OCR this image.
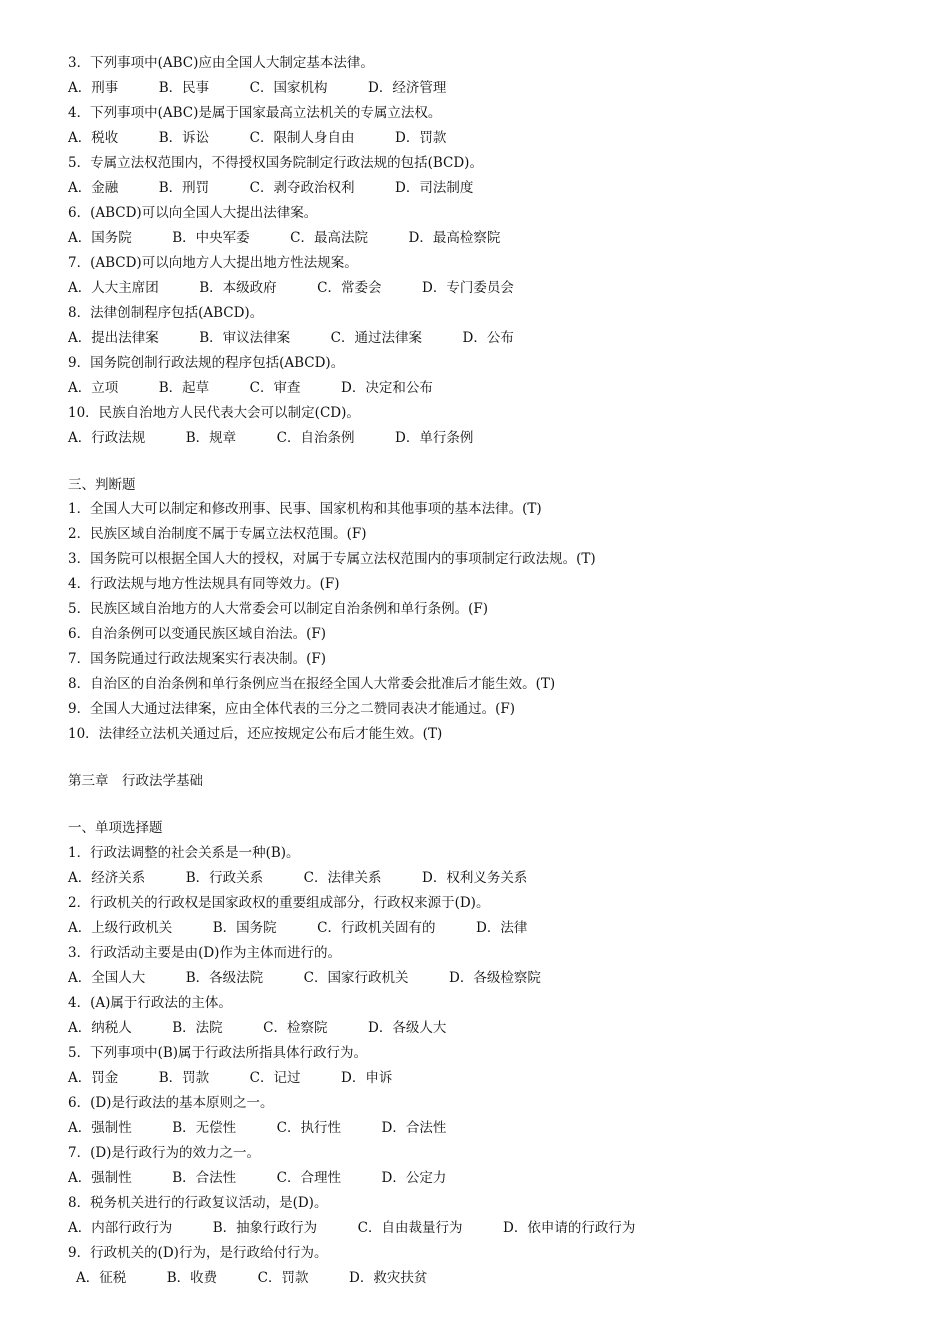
3．下列事项中(ABC)应由全国人大制定基本法律。
A．刑事　　　B．民事　　　C．国家机构　　　D．经济管理
4．下列事项中(ABC)是属于国家最高立法机关的专属立法权。
A．税收　　　B．诉讼　　　C．限制人身自由　　　D．罚款
5．专属立法权范围内，不得授权国务院制定行政法规的包括(BCD)。
A．金融　　　B．刑罚　　　C．剥夺政治权利　　　D．司法制度
6．(ABCD)可以向全国人大提出法律案。
A．国务院　　　B．中央军委　　　C．最高法院　　　D．最高检察院
7．(ABCD)可以向地方人大提出地方性法规案。
A．人大主席团　　　B．本级政府　　　C．常委会　　　D．专门委员会
8．法律创制程序包括(ABCD)。
A．提出法律案　　　B．审议法律案　　　C．通过法律案　　　D．公布
9．国务院创制行政法规的程序包括(ABCD)。
A．立项　　　B．起草　　　C．审查　　　D．决定和公布
10．民族自治地方人民代表大会可以制定(CD)。
A．行政法规　　　B．规章　　　C．自治条例　　　D．单行条例
三、判断题
1．全国人大可以制定和修改刑事、民事、国家机构和其他事项的基本法律。(T)
2．民族区域自治制度不属于专属立法权范围。(F)
3．国务院可以根据全国人大的授权，对属于专属立法权范围内的事项制定行政法规。(T)
4．行政法规与地方性法规具有同等效力。(F)
5．民族区域自治地方的人大常委会可以制定自治条例和单行条例。(F)
6．自治条例可以变通民族区域自治法。(F)
7．国务院通过行政法规案实行表决制。(F)
8．自治区的自治条例和单行条例应当在报经全国人大常委会批准后才能生效。(T)
9．全国人大通过法律案，应由全体代表的三分之二赞同表决才能通过。(F)
10．法律经立法机关通过后，还应按规定公布后才能生效。(T)
第三章　行政法学基础
一、单项选择题
1．行政法调整的社会关系是一种(B)。
A．经济关系　　　B．行政关系　　　C．法律关系　　　D．权利义务关系
2．行政机关的行政权是国家政权的重要组成部分，行政权来源于(D)。
A．上级行政机关　　　B．国务院　　　C．行政机关固有的　　　D．法律
3．行政活动主要是由(D)作为主体而进行的。
A．全国人大　　　B．各级法院　　　C．国家行政机关　　　D．各级检察院
4．(A)属于行政法的主体。
A．纳税人　　　B．法院　　　C．检察院　　　D．各级人大
5．下列事项中(B)属于行政法所指具体行政行为。
A．罚金　　　B．罚款　　　C．记过　　　D．申诉
6．(D)是行政法的基本原则之一。
A．强制性　　　B．无偿性　　　C．执行性　　　D．合法性
7．(D)是行政行为的效力之一。
A．强制性　　　B．合法性　　　C．合理性　　　D．公定力
8．税务机关进行的行政复议活动，是(D)。
A．内部行政行为　　　B．抽象行政行为　　　C．自由裁量行为　　　D．依申请的行政行为
9．行政机关的(D)行为，是行政给付行为。
A．征税　　　B．收费　　　C．罚款　　　D．救灾扶贫
